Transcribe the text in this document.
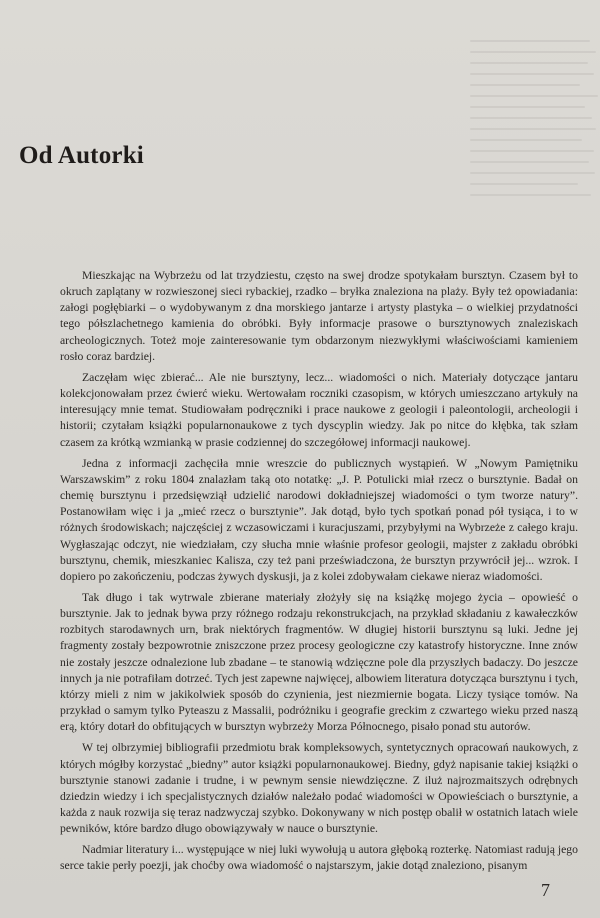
Od Autorki

Mieszkając na Wybrzeżu od lat trzydziestu, często na swej drodze spotykałam bursztyn. Czasem był to okruch zaplątany w rozwieszonej sieci rybackiej, rzadko – bryłka znaleziona na plaży. Były też opowiadania: załogi pogłębiarki – o wydobywanym z dna morskiego jantarze i artysty plastyka – o wielkiej przydatności tego półszlachetnego kamienia do obróbki. Były informacje prasowe o bursztynowych znaleziskach archeologicznych. Toteż moje zainteresowanie tym obdarzonym niezwykłymi właściwościami kamieniem rosło coraz bardziej.

Zaczęłam więc zbierać... Ale nie bursztyny, lecz... wiadomości o nich. Materiały dotyczące jantaru kolekcjonowałam przez ćwierć wieku. Wertowałam roczniki czasopism, w których umieszczano artykuły na interesujący mnie temat. Studiowałam podręczniki i prace naukowe z geologii i paleontologii, archeologii i historii; czytałam książki popularnonaukowe z tych dyscyplin wiedzy. Jak po nitce do kłębka, tak szłam czasem za krótką wzmianką w prasie codziennej do szczegółowej informacji naukowej.

Jedna z informacji zachęciła mnie wreszcie do publicznych wystąpień. W „Nowym Pamiętniku Warszawskim” z roku 1804 znalazłam taką oto notatkę: „J. P. Potulicki miał rzecz o bursztynie. Badał on chemię bursztynu i przedsięwziął udzielić narodowi dokładniejszej wiadomości o tym tworze natury”. Postanowiłam więc i ja „mieć rzecz o bursztynie”. Jak dotąd, było tych spotkań ponad pół tysiąca, i to w różnych środowiskach; najczęściej z wczasowiczami i kuracjuszami, przybyłymi na Wybrzeże z całego kraju. Wygłaszając odczyt, nie wiedziałam, czy słucha mnie właśnie profesor geologii, majster z zakładu obróbki bursztynu, chemik, mieszkaniec Kalisza, czy też pani przeświadczona, że bursztyn przywrócił jej... wzrok. I dopiero po zakończeniu, podczas żywych dyskusji, ja z kolei zdobywałam ciekawe nieraz wiadomości.

Tak długo i tak wytrwale zbierane materiały złożyły się na książkę mojego życia – opowieść o bursztynie. Jak to jednak bywa przy różnego rodzaju rekonstrukcjach, na przykład składaniu z kawałeczków rozbitych starodawnych urn, brak niektórych fragmentów. W długiej historii bursztynu są luki. Jedne jej fragmenty zostały bezpowrotnie zniszczone przez procesy geologiczne czy katastrofy historyczne. Inne znów nie zostały jeszcze odnalezione lub zbadane – te stanowią wdzięczne pole dla przyszłych badaczy. Do jeszcze innych ja nie potrafiłam dotrzeć. Tych jest zapewne najwięcej, albowiem literatura dotycząca bursztynu i tych, którzy mieli z nim w jakikolwiek sposób do czynienia, jest niezmiernie bogata. Liczy tysiące tomów. Na przykład o samym tylko Pyteaszu z Massalii, podróżniku i geografie greckim z czwartego wieku przed naszą erą, który dotarł do obfitujących w bursztyn wybrzeży Morza Północnego, pisało ponad stu autorów.

W tej olbrzymiej bibliografii przedmiotu brak kompleksowych, syntetycznych opracowań naukowych, z których mógłby korzystać „biedny” autor książki popularnonaukowej. Biedny, gdyż napisanie takiej książki o bursztynie stanowi zadanie i trudne, i w pewnym sensie niewdzięczne. Z iluż najrozmaitszych odrębnych dziedzin wiedzy i ich specjalistycznych działów należało podać wiadomości w Opowieściach o bursztynie, a każda z nauk rozwija się teraz nadzwyczaj szybko. Dokonywany w nich postęp obalił w ostatnich latach wiele pewników, które bardzo długo obowiązywały w nauce o bursztynie.

Nadmiar literatury i... występujące w niej luki wywołują u autora głęboką rozterkę. Natomiast radują jego serce takie perły poezji, jak choćby owa wiadomość o najstarszym, jakie dotąd znaleziono, pisanym

7
